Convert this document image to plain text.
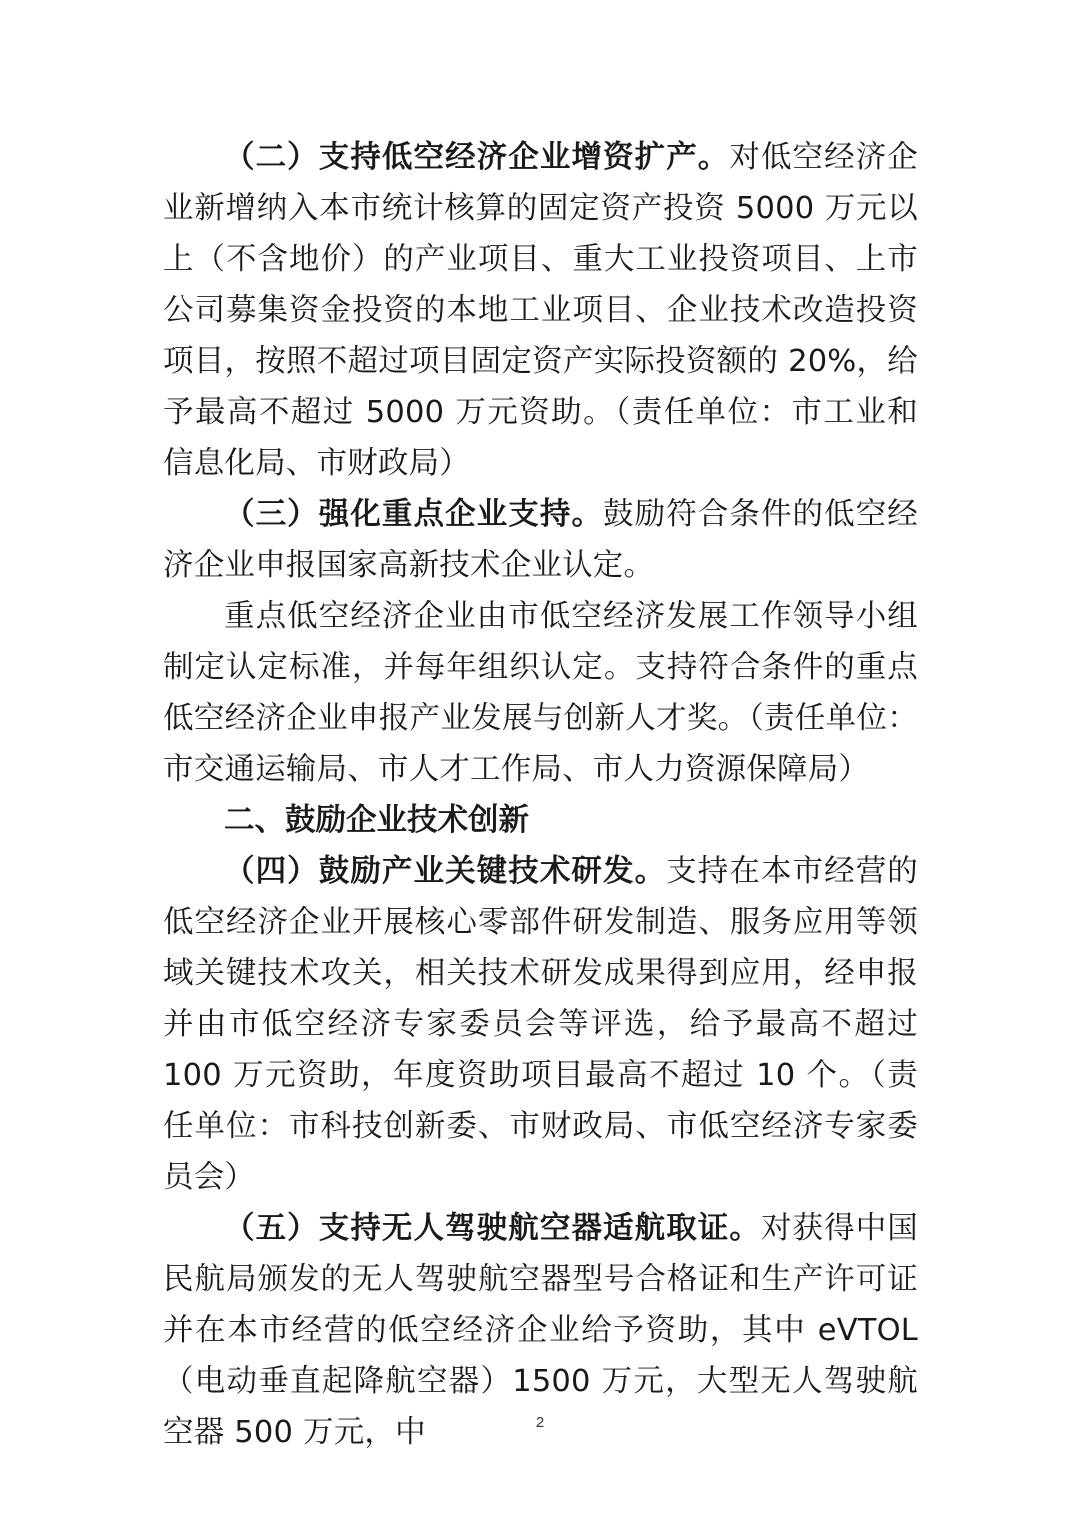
（二）支持低空经济企业增资扩产。对低空经济企业新增纳入本市统计核算的固定资产投资 5000 万元以上（不含地价）的产业项目、重大工业投资项目、上市公司募集资金投资的本地工业项目、企业技术改造投资项目，按照不超过项目固定资产实际投资额的 20%，给予最高不超过 5000 万元资助。（责任单位：市工业和信息化局、市财政局）

（三）强化重点企业支持。鼓励符合条件的低空经济企业申报国家高新技术企业认定。

重点低空经济企业由市低空经济发展工作领导小组制定认定标准，并每年组织认定。支持符合条件的重点低空经济企业申报产业发展与创新人才奖。（责任单位：市交通运输局、市人才工作局、市人力资源保障局）

二、鼓励企业技术创新

（四）鼓励产业关键技术研发。支持在本市经营的低空经济企业开展核心零部件研发制造、服务应用等领域关键技术攻关，相关技术研发成果得到应用，经申报并由市低空经济专家委员会等评选，给予最高不超过 100 万元资助，年度资助项目最高不超过 10 个。（责任单位：市科技创新委、市财政局、市低空经济专家委员会）

（五）支持无人驾驶航空器适航取证。对获得中国民航局颁发的无人驾驶航空器型号合格证和生产许可证并在本市经营的低空经济企业给予资助，其中 eVTOL（电动垂直起降航空器）1500 万元，大型无人驾驶航空器 500 万元，中	2
